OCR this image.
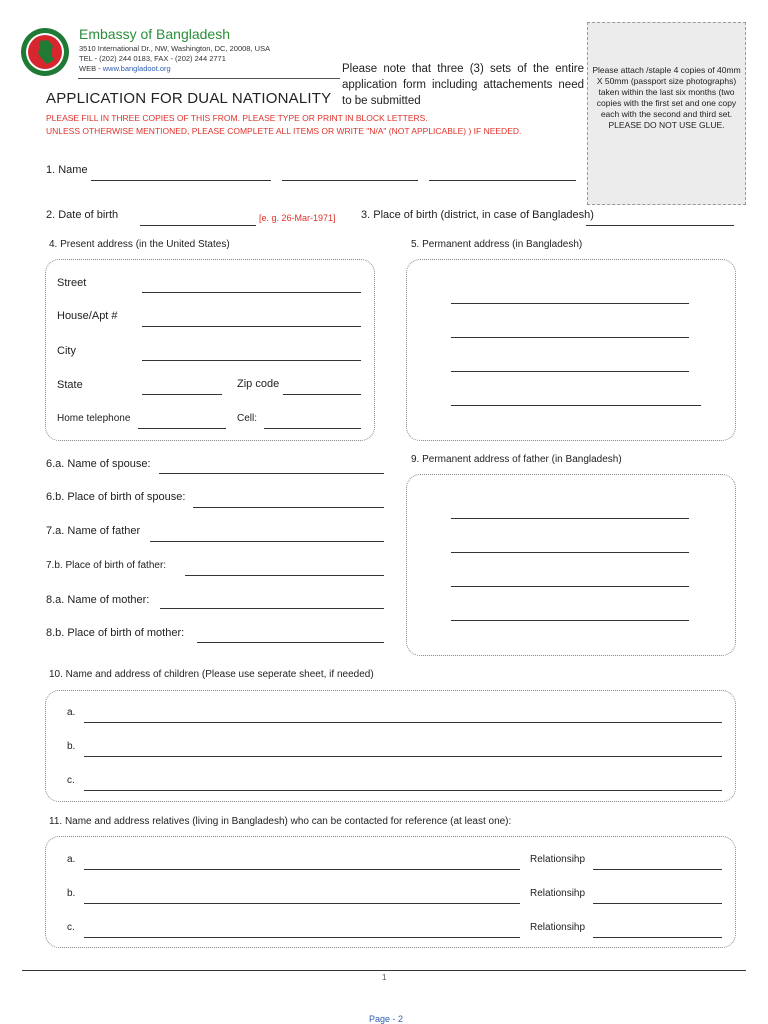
Embassy of Bangladesh
3510 International Dr., NW, Washington, DC, 20008, USA
TEL - (202) 244 0183, FAX - (202) 244 2771
WEB - www.bangladoot.org
APPLICATION FOR DUAL NATIONALITY
PLEASE FILL IN THREE COPIES OF THIS FROM. PLEASE TYPE OR PRINT IN BLOCK LETTERS.
UNLESS OTHERWISE MENTIONED, PLEASE COMPLETE ALL ITEMS OR WRITE "N/A" (NOT APPLICABLE) ) IF NEEDED.
Please note that three (3) sets of the entire application form including attachements need to be submitted
Please attach /staple 4 copies of 40mm X 50mm (passport size photographs) taken within the last six months (two copies with the first set and one copy each with the second and third set. PLEASE DO NOT USE GLUE.
1. Name
2. Date of birth	[e. g. 26-Mar-1971] 3. Place of birth (district, in case of Bangladesh)
4. Present address (in the United States)
Street
House/Apt #
City
State	Zip code
Home telephone	Cell:
5. Permanent address (in Bangladesh)
6.a. Name of spouse:
6.b. Place of birth of spouse:
7.a. Name of father
7.b. Place of birth of father:
8.a. Name of mother:
8.b. Place of birth of mother:
9. Permanent address of father (in Bangladesh)
10. Name and address of children (Please use seperate sheet, if needed)
a.
b.
c.
11. Name and address relatives (living in Bangladesh) who can be contacted for reference (at least one):
a.	Relationsihp
b.	Relationsihp
c.	Relationsihp
1
Page - 2
